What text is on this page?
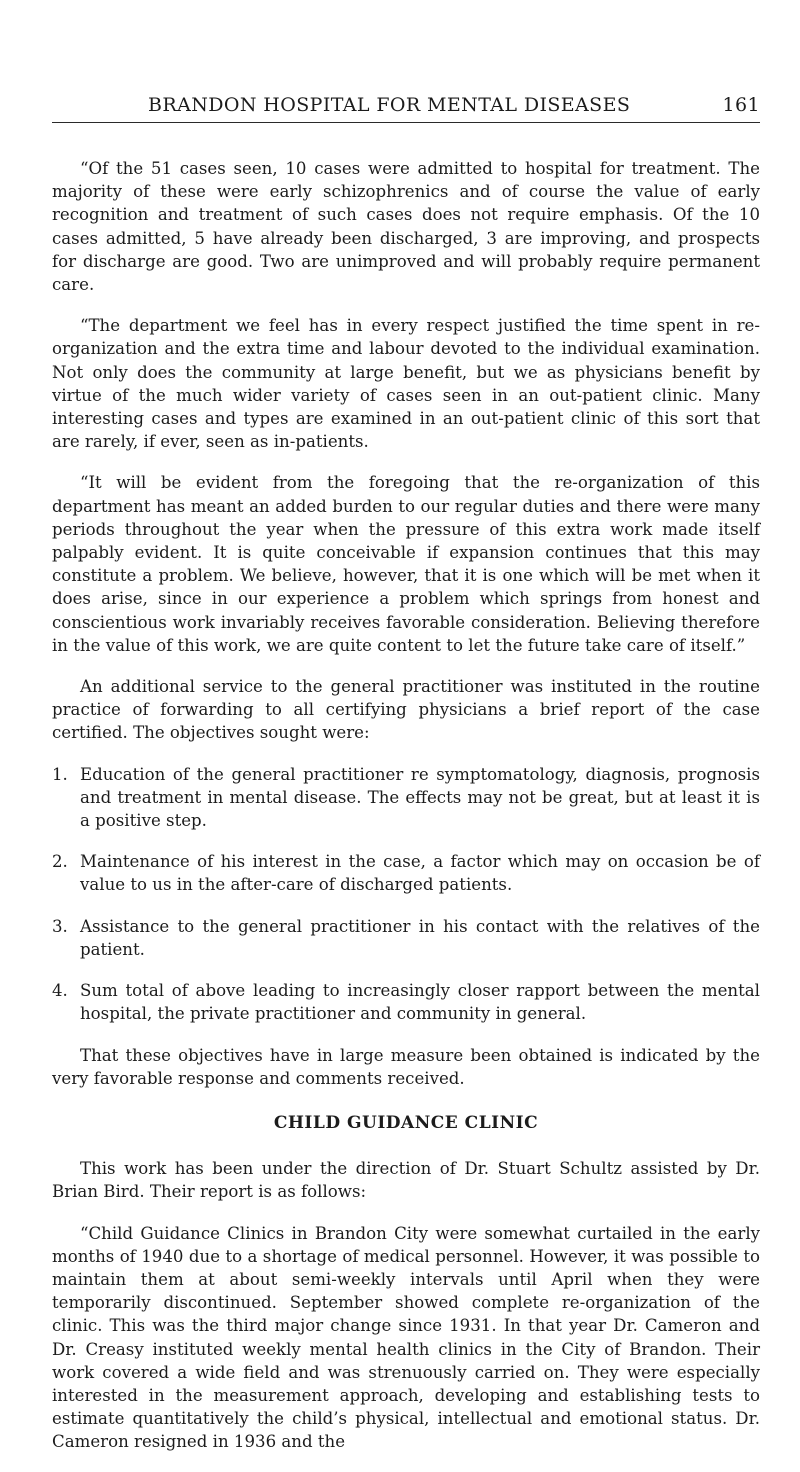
BRANDON HOSPITAL FOR MENTAL DISEASES	161

“Of the 51 cases seen, 10 cases were admitted to hospital for treatment. The majority of these were early schizophrenics and of course the value of early recognition and treatment of such cases does not require emphasis. Of the 10 cases admitted, 5 have already been discharged, 3 are improving, and prospects for discharge are good. Two are unimproved and will probably require permanent care.

“The department we feel has in every respect justified the time spent in re-organization and the extra time and labour devoted to the individual examination. Not only does the community at large benefit, but we as physicians benefit by virtue of the much wider variety of cases seen in an out-patient clinic. Many interesting cases and types are examined in an out-patient clinic of this sort that are rarely, if ever, seen as in-patients.

“It will be evident from the foregoing that the re-organization of this department has meant an added burden to our regular duties and there were many periods throughout the year when the pressure of this extra work made itself palpably evident. It is quite conceivable if expansion continues that this may constitute a problem. We believe, however, that it is one which will be met when it does arise, since in our experience a problem which springs from honest and conscientious work invariably receives favorable consideration. Believing therefore in the value of this work, we are quite content to let the future take care of itself.”

An additional service to the general practitioner was instituted in the routine practice of forwarding to all certifying physicians a brief report of the case certified. The objectives sought were:

1. Education of the general practitioner re symptomatology, diagnosis, prognosis and treatment in mental disease. The effects may not be great, but at least it is a positive step.
2. Maintenance of his interest in the case, a factor which may on occasion be of value to us in the after-care of discharged patients.
3. Assistance to the general practitioner in his contact with the relatives of the patient.
4. Sum total of above leading to increasingly closer rapport between the mental hospital, the private practitioner and community in general.

That these objectives have in large measure been obtained is indicated by the very favorable response and comments received.

CHILD GUIDANCE CLINIC

This work has been under the direction of Dr. Stuart Schultz assisted by Dr. Brian Bird. Their report is as follows:

“Child Guidance Clinics in Brandon City were somewhat curtailed in the early months of 1940 due to a shortage of medical personnel. However, it was possible to maintain them at about semi-weekly intervals until April when they were temporarily discontinued. September showed complete re-organization of the clinic. This was the third major change since 1931. In that year Dr. Cameron and Dr. Creasy instituted weekly mental health clinics in the City of Brandon. Their work covered a wide field and was strenuously carried on. They were especially interested in the measurement approach, developing and establishing tests to estimate quantitatively the child’s physical, intellectual and emotional status. Dr. Cameron resigned in 1936 and the
